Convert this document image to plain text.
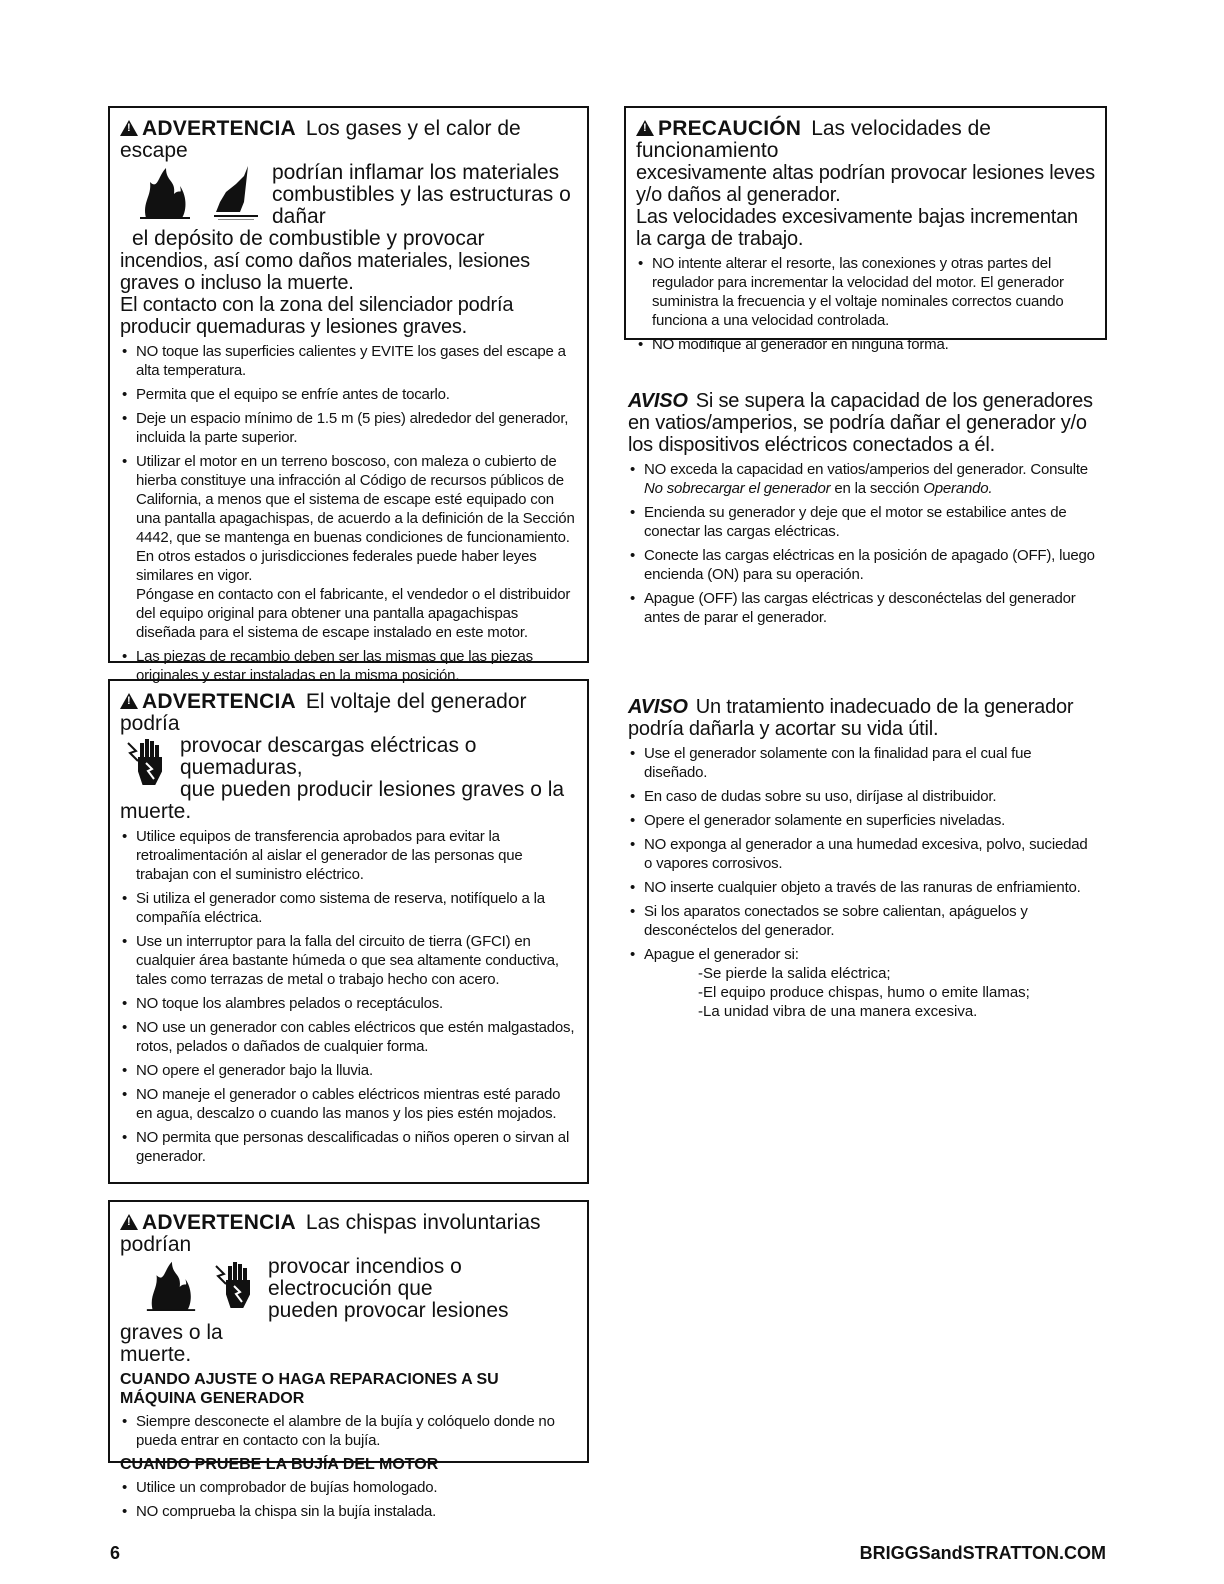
!ADVERTENCIA Los gases y el calor de escape
podrían inflamar los materiales
combustibles y las estructuras o dañar
el depósito de combustible y provocar
incendios, así como daños materiales, lesiones graves o incluso la muerte.
El contacto con la zona del silenciador podría producir quemaduras y lesiones graves.
• NO toque las superficies calientes y EVITE los gases del escape a alta temperatura.
• Permita que el equipo se enfríe antes de tocarlo.
• Deje un espacio mínimo de 1.5 m (5 pies) alrededor del generador, incluida la parte superior.
• Utilizar el motor en un terreno boscoso, con maleza o cubierto de hierba constituye una infracción al Código de recursos públicos de California, a menos que el sistema de escape esté equipado con una pantalla apagachispas, de acuerdo a la definición de la Sección 4442, que se mantenga en buenas condiciones de funcionamiento. En otros estados o jurisdicciones federales puede haber leyes similares en vigor.
Póngase en contacto con el fabricante, el vendedor o el distribuidor del equipo original para obtener una pantalla apagachispas diseñada para el sistema de escape instalado en este motor.
• Las piezas de recambio deben ser las mismas que las piezas originales y estar instaladas en la misma posición.
!ADVERTENCIA El voltaje del generador podría
provocar descargas eléctricas o quemaduras,
que pueden producir lesiones graves o la
muerte.
• Utilice equipos de transferencia aprobados para evitar la retroalimentación al aislar el generador de las personas que trabajan con el suministro eléctrico.
• Si utiliza el generador como sistema de reserva, notifíquelo a la compañía eléctrica.
• Use un interruptor para la falla del circuito de tierra (GFCI) en cualquier área bastante húmeda o que sea altamente conductiva, tales como terrazas de metal o trabajo hecho con acero.
• NO toque los alambres pelados o receptáculos.
• NO use un generador con cables eléctricos que estén malgastados, rotos, pelados o dañados de cualquier forma.
• NO opere el generador bajo la lluvia.
• NO maneje el generador o cables eléctricos mientras esté parado en agua, descalzo o cuando las manos y los pies estén mojados.
• NO permita que personas descalificadas o niños operen o sirvan al generador.
!ADVERTENCIA Las chispas involuntarias podrían
provocar incendios o electrocución que
pueden provocar lesiones graves o la
muerte.
CUANDO AJUSTE O HAGA REPARACIONES A SU MÁQUINA GENERADOR
• Siempre desconecte el alambre de la bujía y colóquelo donde no pueda entrar en contacto con la bujía.
CUANDO PRUEBE LA BUJÍA DEL MOTOR
• Utilice un comprobador de bujías homologado.
• NO comprueba la chispa sin la bujía instalada.
!PRECAUCIÓN Las velocidades de funcionamiento
excesivamente altas podrían provocar lesiones leves y/o daños al generador.
Las velocidades excesivamente bajas incrementan la carga de trabajo.
• NO intente alterar el resorte, las conexiones y otras partes del regulador para incrementar la velocidad del motor. El generador suministra la frecuencia y el voltaje nominales correctos cuando funciona a una velocidad controlada.
• NO modifique al generador en ninguna forma.
AVISO Si se supera la capacidad de los generadores en vatios/amperios, se podría dañar el generador y/o los dispositivos eléctricos conectados a él.
• NO exceda la capacidad en vatios/amperios del generador. Consulte No sobrecargar el generador en la sección Operando.
• Encienda su generador y deje que el motor se estabilice antes de conectar las cargas eléctricas.
• Conecte las cargas eléctricas en la posición de apagado (OFF), luego encienda (ON) para su operación.
• Apague (OFF) las cargas eléctricas y desconéctelas del generador antes de parar el generador.
AVISO Un tratamiento inadecuado de la generador podría dañarla y acortar su vida útil.
• Use el generador solamente con la finalidad para el cual fue diseñado.
• En caso de dudas sobre su uso, diríjase al distribuidor.
• Opere el generador solamente en superficies niveladas.
• NO exponga al generador a una humedad excesiva, polvo, suciedad o vapores corrosivos.
• NO inserte cualquier objeto a través de las ranuras de enfriamiento.
• Si los aparatos conectados se sobre calientan, apáguelos y desconéctelos del generador.
• Apague el generador si:
-Se pierde la salida eléctrica;
-El equipo produce chispas, humo o emite llamas;
-La unidad vibra de una manera excesiva.
6	BRIGGSandSTRATTON.COM
